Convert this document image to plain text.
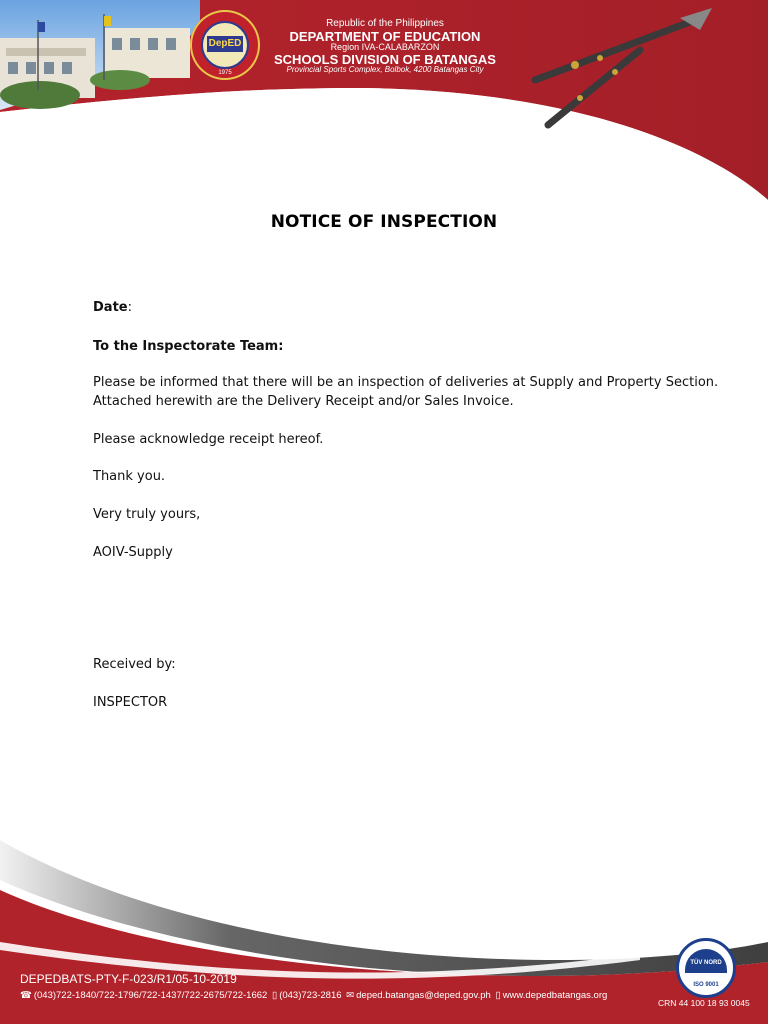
DepED
1975
Republic of the Philippines
DEPARTMENT OF EDUCATION
Region IVA-CALABARZON
SCHOOLS DIVISION OF BATANGAS
Provincial Sports Complex, Bolbok, 4200 Batangas City
NOTICE OF INSPECTION
Date:
To the Inspectorate Team:
Please be informed that there will be an inspection of deliveries at Supply and Property Section.
Attached herewith are the Delivery Receipt and/or Sales Invoice.
Please acknowledge receipt hereof.
Thank you.
Very truly yours,
AOIV-Supply
Received by:
INSPECTOR
DEPEDBATS-PTY-F-023/R1/05-10-2019
☎ (043)722-1840/722-1796/722-1437/722-2675/722-1662 ▯ (043)723-2816 ✉ deped.batangas@deped.gov.ph ▯ www.depedbatangas.org
TÜV NORD
ISO 9001
CRN 44 100 18 93 0045
